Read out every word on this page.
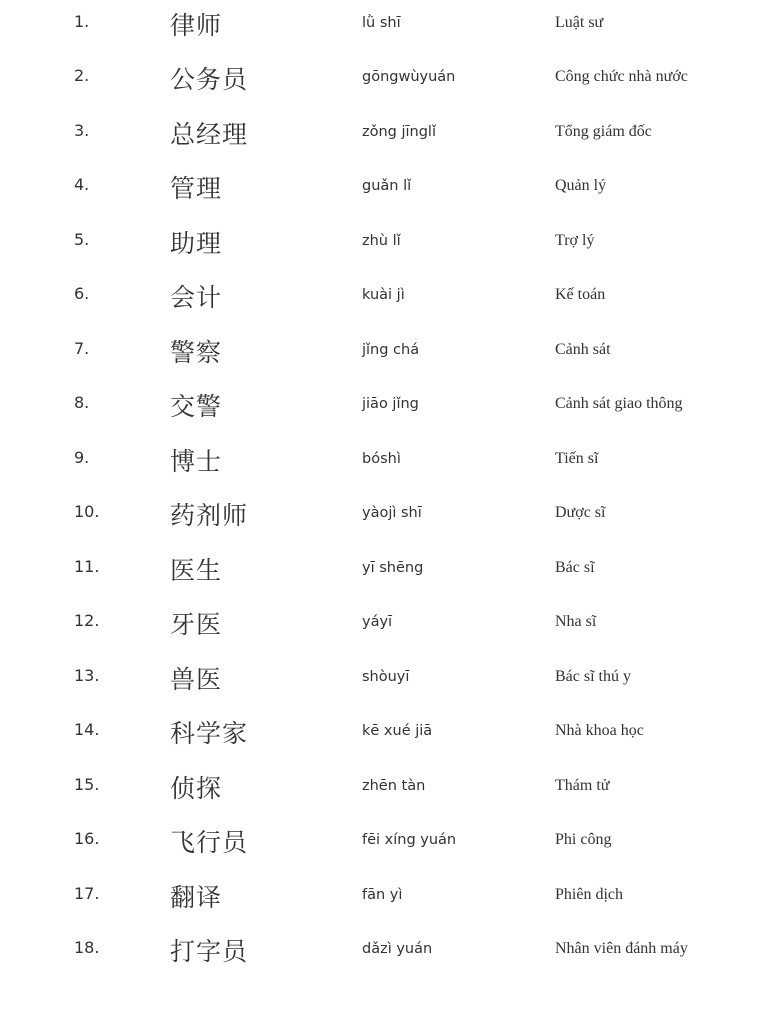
1.	律师	lǜ shī	Luật sư
2.	公务员	gōngwùyuán	Công chức nhà nước
3.	总经理	zǒng jīnglǐ	Tổng giám đốc
4.	管理	guǎn lǐ	Quản lý
5.	助理	zhù lǐ	Trợ lý
6.	会计	kuài jì	Kế toán
7.	警察	jǐng chá	Cảnh sát
8.	交警	jiāo jǐng	Cảnh sát giao thông
9.	博士	bóshì	Tiến sĩ
10.	药剂师	yàojì shī	Dược sĩ
11.	医生	yī shēng	Bác sĩ
12.	牙医	yáyī	Nha sĩ
13.	兽医	shòuyī	Bác sĩ thú y
14.	科学家	kē xué jiā	Nhà khoa học
15.	侦探	zhēn tàn	Thám tử
16.	飞行员	fēi xíng yuán	Phi công
17.	翻译	fān yì	Phiên dịch
18.	打字员	dǎzì yuán	Nhân viên đánh máy
